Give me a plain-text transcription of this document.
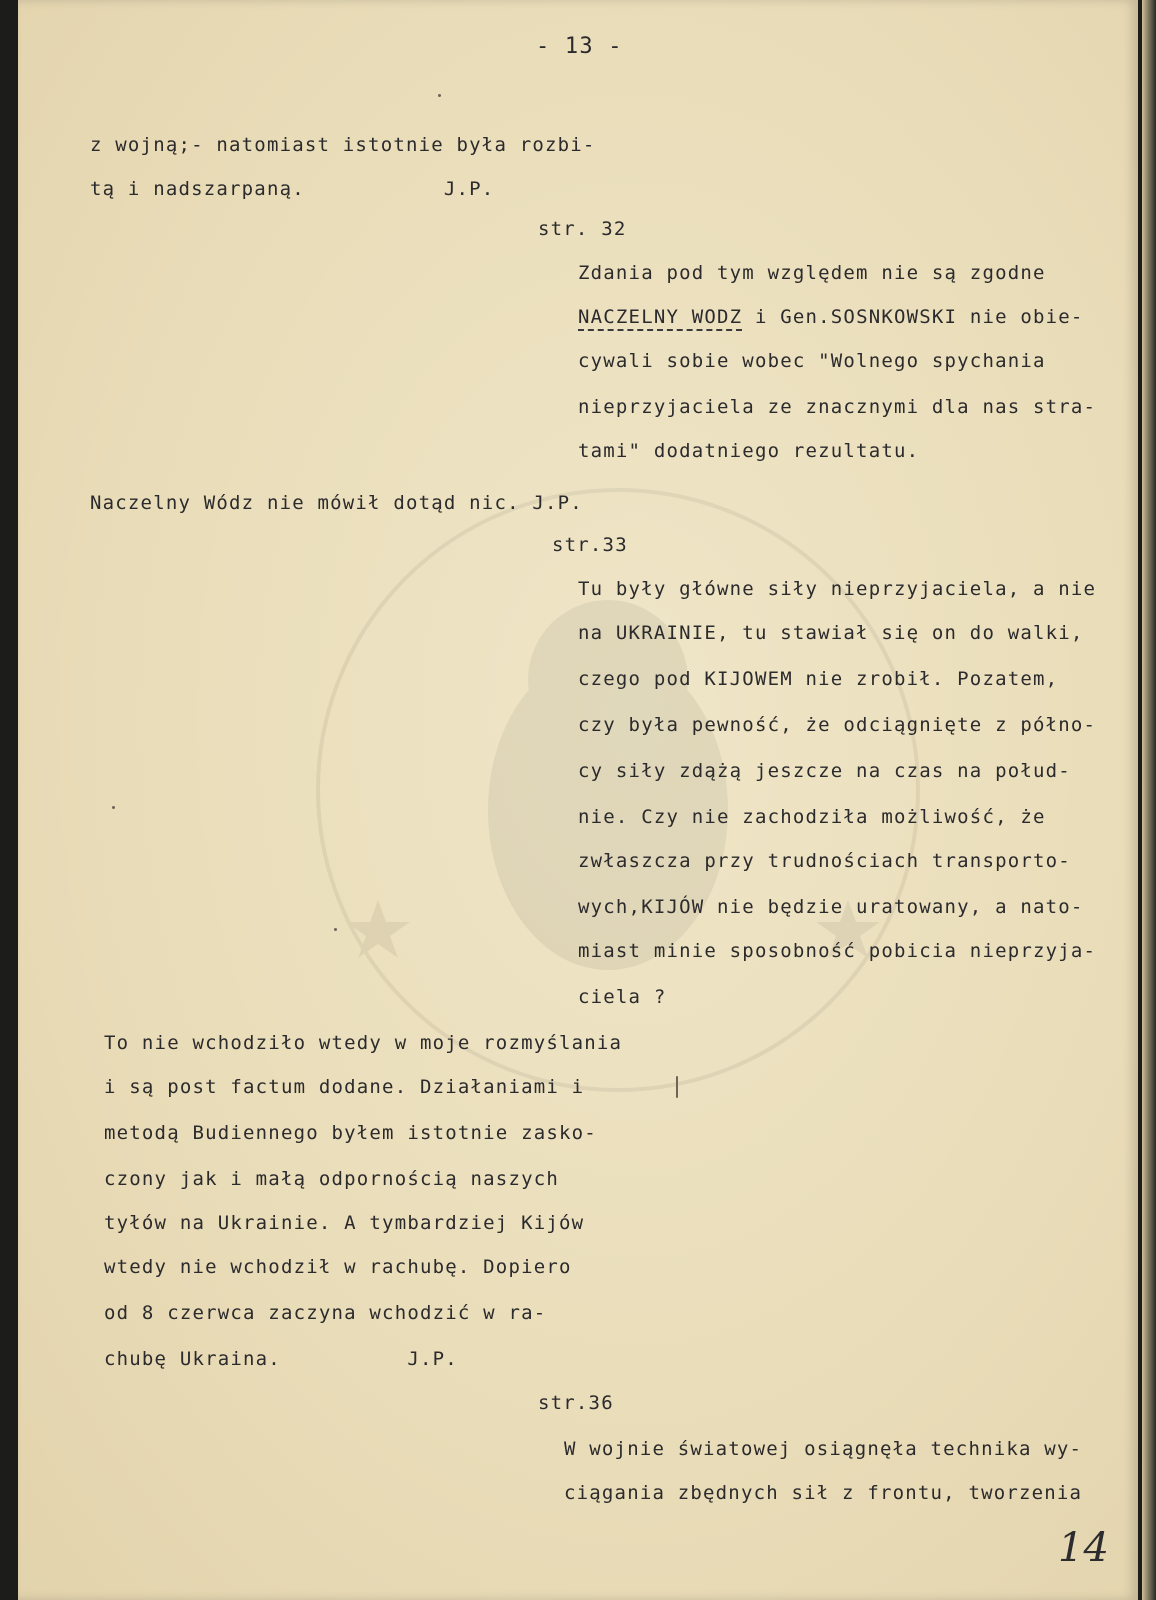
- 13 -
z wojną;- natomiast istotnie była rozbi-
tą i nadszarpaną.           J.P.
str. 32
Zdania pod tym względem nie są zgodne
NACZELNY WODZ i Gen.SOSNKOWSKI nie obie-
cywali sobie wobec "Wolnego spychania
nieprzyjaciela ze znacznymi dla nas stra-
tami" dodatniego rezultatu.
Naczelny Wódz nie mówił dotąd nic. J.P.
str.33
Tu były główne siły nieprzyjaciela, a nie
na UKRAINIE, tu stawiał się on do walki,
czego pod KIJOWEM nie zrobił. Pozatem,
czy była pewność, że odciągnięte z półno-
cy siły zdążą jeszcze na czas na połud-
nie. Czy nie zachodziła możliwość, że
zwłaszcza przy trudnościach transporto-
wych,KIJÓW nie będzie uratowany, a nato-
miast minie sposobność pobicia nieprzyja-
ciela ?
To nie wchodziło wtedy w moje rozmyślania
i są post factum dodane. Działaniami i
metodą Budiennego byłem istotnie zasko-
czony jak i małą odpornością naszych
tyłów na Ukrainie. A tymbardziej Kijów
wtedy nie wchodził w rachubę. Dopiero
od 8 czerwca zaczyna wchodzić w ra-
chubę Ukraina.          J.P.
str.36
W wojnie światowej osiągnęła technika wy-
ciągania zbędnych sił z frontu, tworzenia
14
